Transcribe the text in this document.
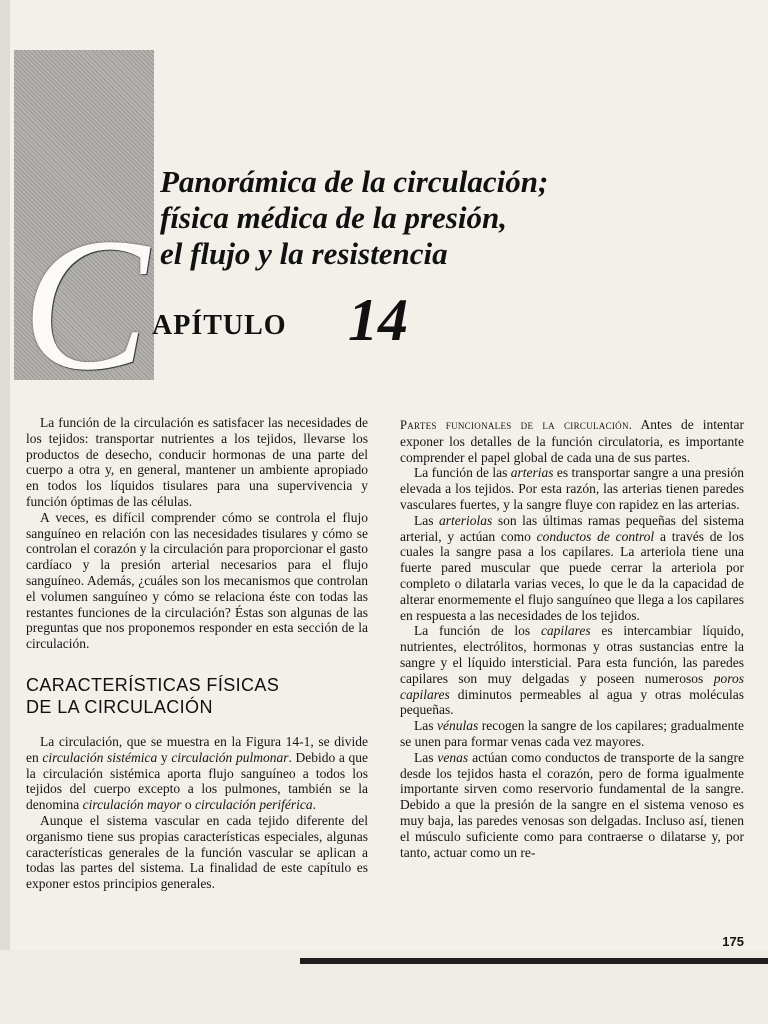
C
Panorámica de la circulación;
física médica de la presión,
el flujo y la resistencia
APÍTULO 14

La función de la circulación es satisfacer las necesidades de los tejidos: transportar nutrientes a los tejidos, llevarse los productos de desecho, conducir hormonas de una parte del cuerpo a otra y, en general, mantener un ambiente apropiado en todos los líquidos tisulares para una supervivencia y función óptimas de las células.

A veces, es difícil comprender cómo se controla el flujo sanguíneo en relación con las necesidades tisulares y cómo se controlan el corazón y la circulación para proporcionar el gasto cardíaco y la presión arterial necesarios para el flujo sanguíneo. Además, ¿cuáles son los mecanismos que controlan el volumen sanguíneo y cómo se relaciona éste con todas las restantes funciones de la circulación? Éstas son algunas de las preguntas que nos proponemos responder en esta sección de la circulación.

CARACTERÍSTICAS FÍSICAS
DE LA CIRCULACIÓN

La circulación, que se muestra en la Figura 14-1, se divide en circulación sistémica y circulación pulmonar. Debido a que la circulación sistémica aporta flujo sanguíneo a todos los tejidos del cuerpo excepto a los pulmones, también se la denomina circulación mayor o circulación periférica.

Aunque el sistema vascular en cada tejido diferente del organismo tiene sus propias características especiales, algunas características generales de la función vascular se aplican a todas las partes del sistema. La finalidad de este capítulo es exponer estos principios generales.

Partes funcionales de la circulación. Antes de intentar exponer los detalles de la función circulatoria, es importante comprender el papel global de cada una de sus partes.

La función de las arterias es transportar sangre a una presión elevada a los tejidos. Por esta razón, las arterias tienen paredes vasculares fuertes, y la sangre fluye con rapidez en las arterias.

Las arteriolas son las últimas ramas pequeñas del sistema arterial, y actúan como conductos de control a través de los cuales la sangre pasa a los capilares. La arteriola tiene una fuerte pared muscular que puede cerrar la arteriola por completo o dilatarla varias veces, lo que le da la capacidad de alterar enormemente el flujo sanguíneo que llega a los capilares en respuesta a las necesidades de los tejidos.

La función de los capilares es intercambiar líquido, nutrientes, electrólitos, hormonas y otras sustancias entre la sangre y el líquido intersticial. Para esta función, las paredes capilares son muy delgadas y poseen numerosos poros capilares diminutos permeables al agua y otras moléculas pequeñas.

Las vénulas recogen la sangre de los capilares; gradualmente se unen para formar venas cada vez mayores.

Las venas actúan como conductos de transporte de la sangre desde los tejidos hasta el corazón, pero de forma igualmente importante sirven como reservorio fundamental de la sangre. Debido a que la presión de la sangre en el sistema venoso es muy baja, las paredes venosas son delgadas. Incluso así, tienen el músculo suficiente como para contraerse o dilatarse y, por tanto, actuar como un re-

175
